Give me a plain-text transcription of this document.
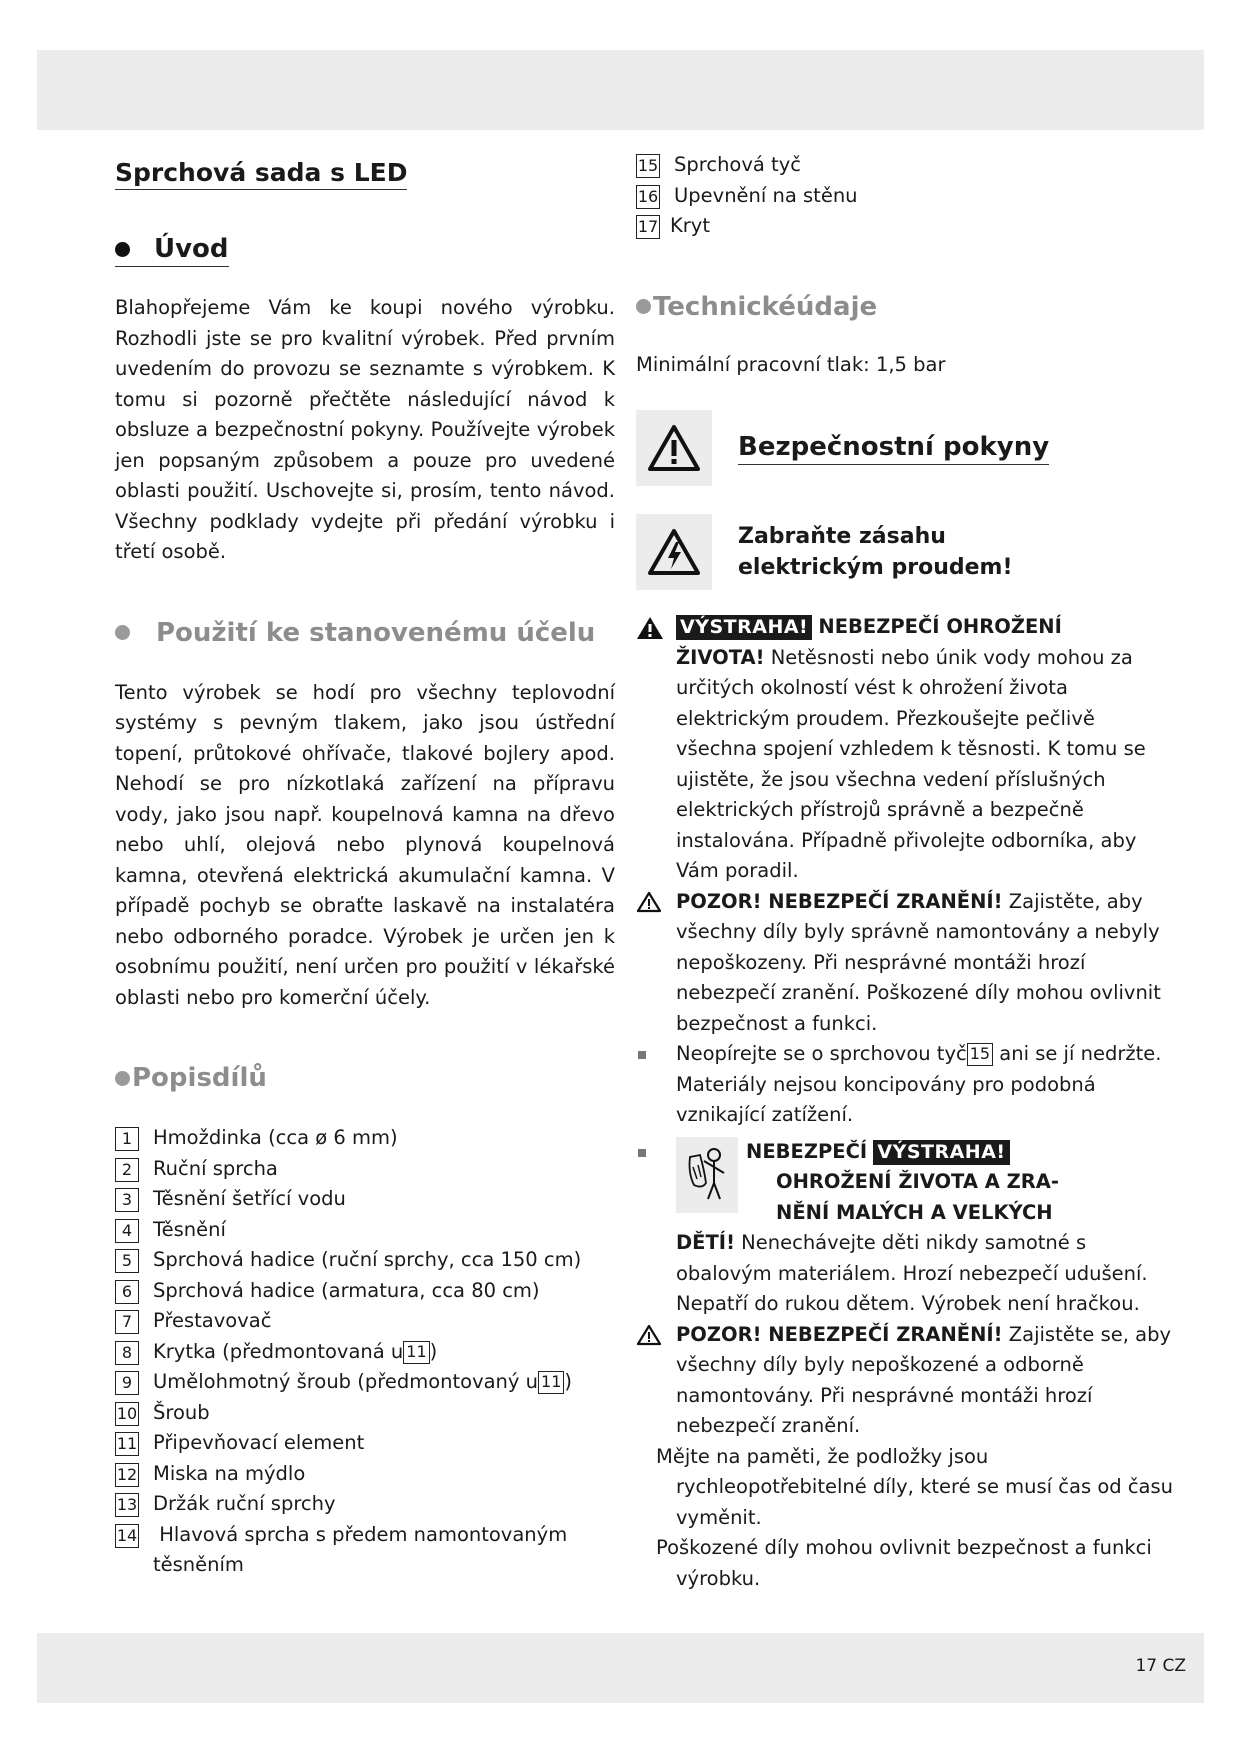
Sprchová sada s LED
Úvod

Blahopřejeme Vám ke koupi nového výrobku. Rozhodli jste se pro kvalitní výrobek. Před prvním uvedením do provozu se seznamte s výrobkem. K tomu si pozorně přečtěte následující návod k obsluze a bezpečnostní pokyny. Používejte výrobek jen popsaným způsobem a pouze pro uvedené oblasti použití. Uschovejte si, prosím, tento návod. Všechny podklady vydejte při předání výrobku i třetí osobě.

Použití ke stanovenému účelu

Tento výrobek se hodí pro všechny teplovodní systémy s pevným tlakem, jako jsou ústřední topení, průtokové ohřívače, tlakové bojlery apod. Nehodí se pro nízkotlaká zařízení na přípravu vody, jako jsou např. koupelnová kamna na dřevo nebo uhlí, olejová nebo plynová koupelnová kamna, otevřená elektrická akumulační kamna. V případě pochyb se obraťte laskavě na instalatéra nebo odborného poradce. Výrobek je určen jen k osobnímu použití, není určen pro použití v lékařské oblasti nebo pro komerční účely.

Popisdílů
1	Hmoždinka (cca ø 6 mm)
2	Ruční sprcha
3	Těsnění šetřící vodu
4	Těsnění
5	Sprchová hadice (ruční sprchy, cca 150 cm)
6	Sprchová hadice (armatura, cca 80 cm)
7	Přestavovač
8	Krytka (předmontovaná u 11 )
9	Umělohmotný šroub (předmontovaný u 11 )
10 Šroub
11 Připevňovací element
12 Miska na mýdlo
13 Držák ruční sprchy
14 Hlavová sprcha s předem namontovaným těsněním
15 Sprchová tyč
16 Upevnění na stěnu
17 Kryt
Technickéúdaje

Minimální pracovní tlak: 1,5 bar

Bezpečnostní pokyny
Zabraňte zásahu
elektrickým proudem!
VÝSTRAHA! NEBEZPEČÍ OHROŽENÍ
ŽIVOTA! Netěsnosti nebo únik vody mohou za určitých okolností vést k ohrožení života elektrickým proudem. Přezkoušejte pečlivě všechna spojení vzhledem k těsnosti. K tomu se ujistěte, že jsou všechna vedení příslušných elektrických přístrojů správně a bezpečně instalována. Případně přivolejte odborníka, aby Vám poradil.
POZOR! NEBEZPEČÍ ZRANĚNÍ! Zajistěte, aby všechny díly byly správně namontovány a nebyly nepoškozeny. Při nesprávné montáži hrozí nebezpečí zranění. Poškozené díly mohou ovlivnit bezpečnost a funkci.
Neopírejte se o sprchovou tyč 15 ani se jí nedržte. Materiály nejsou koncipovány pro podobná vznikající zatížení.
NEBEZPEČÍ VÝSTRAHA!
OHROŽENÍ ŽIVOTA A ZRA-
NĚNÍ MALÝCH A VELKÝCH
DĚTÍ! Nenechávejte děti nikdy samotné s obalovým materiálem. Hrozí nebezpečí udušení. Nepatří do rukou dětem. Výrobek není hračkou.
POZOR! NEBEZPEČÍ ZRANĚNÍ! Zajistěte se, aby všechny díly byly nepoškozené a odborně namontovány. Při nesprávné montáži hrozí nebezpečí zranění.
Mějte na paměti, že podložky jsou rychleopotřebitelné díly, které se musí čas od času vyměnit.
Poškozené díly mohou ovlivnit bezpečnost a funkci výrobku.
17 CZ
